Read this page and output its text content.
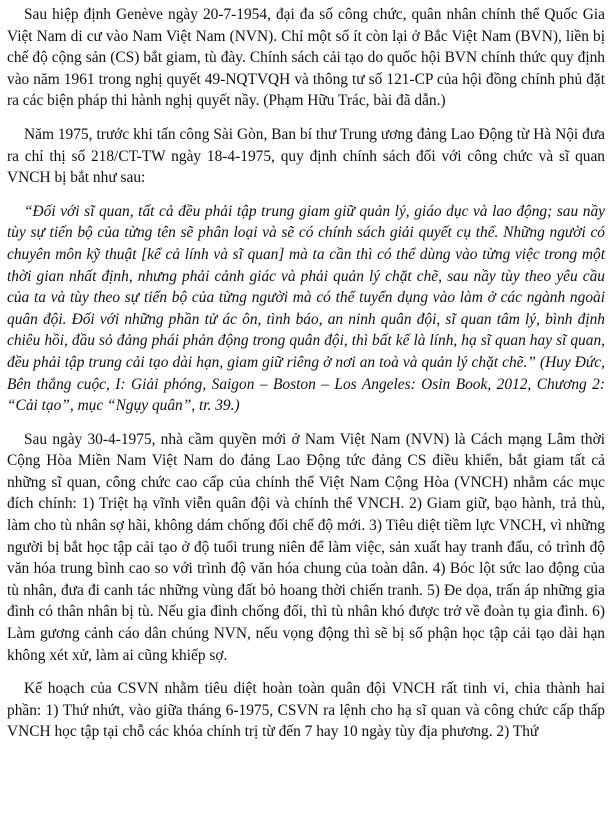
Sau hiệp định Genève ngày 20-7-1954, đại đa số công chức, quân nhân chính thể Quốc Gia Việt Nam di cư vào Nam Việt Nam (NVN). Chỉ một số ít còn lại ở Bắc Việt Nam (BVN), liền bị chế độ cộng sản (CS) bắt giam, tù đày. Chính sách cải tạo do quốc hội BVN chính thức quy định vào năm 1961 trong nghị quyết 49-NQTVQH và thông tư số 121-CP của hội đồng chính phủ đặt ra các biện pháp thi hành nghị quyết nầy. (Phạm Hữu Trác, bài đã dẫn.)

Năm 1975, trước khi tấn công Sài Gòn, Ban bí thư Trung ương đảng Lao Động từ Hà Nội đưa ra chỉ thị số 218/CT-TW ngày 18-4-1975, quy định chính sách đối với công chức và sĩ quan VNCH bị bắt như sau:

“Đối với sĩ quan, tất cả đều phải tập trung giam giữ quản lý, giáo dục và lao động; sau nầy tùy sự tiến bộ của từng tên sẽ phân loại và sẽ có chính sách giải quyết cụ thể. Những người có chuyên môn kỹ thuật [kể cả lính và sĩ quan] mà ta cần thì có thể dùng vào từng việc trong một thời gian nhất định, nhưng phải cảnh giác và phải quản lý chặt chẽ, sau nầy tùy theo yêu cầu của ta và tùy theo sự tiến bộ của từng người mà có thể tuyển dụng vào làm ở các ngành ngoài quân đội. Đối với những phần tử ác ôn, tình báo, an ninh quân đội, sĩ quan tâm lý, bình định chiêu hồi, đầu sỏ đảng phái phản động trong quân đội, thì bất kể là lính, hạ sĩ quan hay sĩ quan, đều phải tập trung cải tạo dài hạn, giam giữ riêng ở nơi an toà và quản lý chặt chẽ.” (Huy Đức, Bên thắng cuộc, I: Giải phóng, Saigon – Boston – Los Angeles: Osin Book, 2012, Chương 2: “Cải tạo”, mục “Ngụy quân”, tr. 39.)

Sau ngày 30-4-1975, nhà cầm quyền mới ở Nam Việt Nam (NVN) là Cách mạng Lâm thời Cộng Hòa Miền Nam Việt Nam do đảng Lao Động tức đảng CS điều khiển, bắt giam tất cả những sĩ quan, công chức cao cấp của chính thể Việt Nam Cộng Hòa (VNCH) nhằm các mục đích chính: 1) Triệt hạ vĩnh viễn quân đội và chính thể VNCH. 2) Giam giữ, bạo hành, trả thù, làm cho tù nhân sợ hãi, không dám chống đối chế độ mới. 3) Tiêu diệt tiềm lực VNCH, vì những người bị bắt học tập cải tạo ở độ tuổi trung niên để làm việc, sản xuất hay tranh đấu, có trình độ văn hóa trung bình cao so với trình độ văn hóa chung của toàn dân. 4) Bóc lột sức lao động của tù nhân, đưa đi canh tác những vùng đất bỏ hoang thời chiến tranh. 5) Đe dọa, trấn áp những gia đình có thân nhân bị tù. Nếu gia đình chống đối, thì tù nhân khó được trở về đoàn tụ gia đình. 6) Làm gương cảnh cáo dân chúng NVN, nếu vọng động thì sẽ bị số phận học tập cải tạo dài hạn không xét xử, làm ai cũng khiếp sợ.

Kế hoạch của CSVN nhằm tiêu diệt hoàn toàn quân đội VNCH rất tinh vi, chia thành hai phần: 1) Thứ nhứt, vào giữa tháng 6-1975, CSVN ra lệnh cho hạ sĩ quan và công chức cấp thấp VNCH học tập tại chỗ các khóa chính trị từ đến 7 hay 10 ngày tùy địa phương. 2) Thứ
